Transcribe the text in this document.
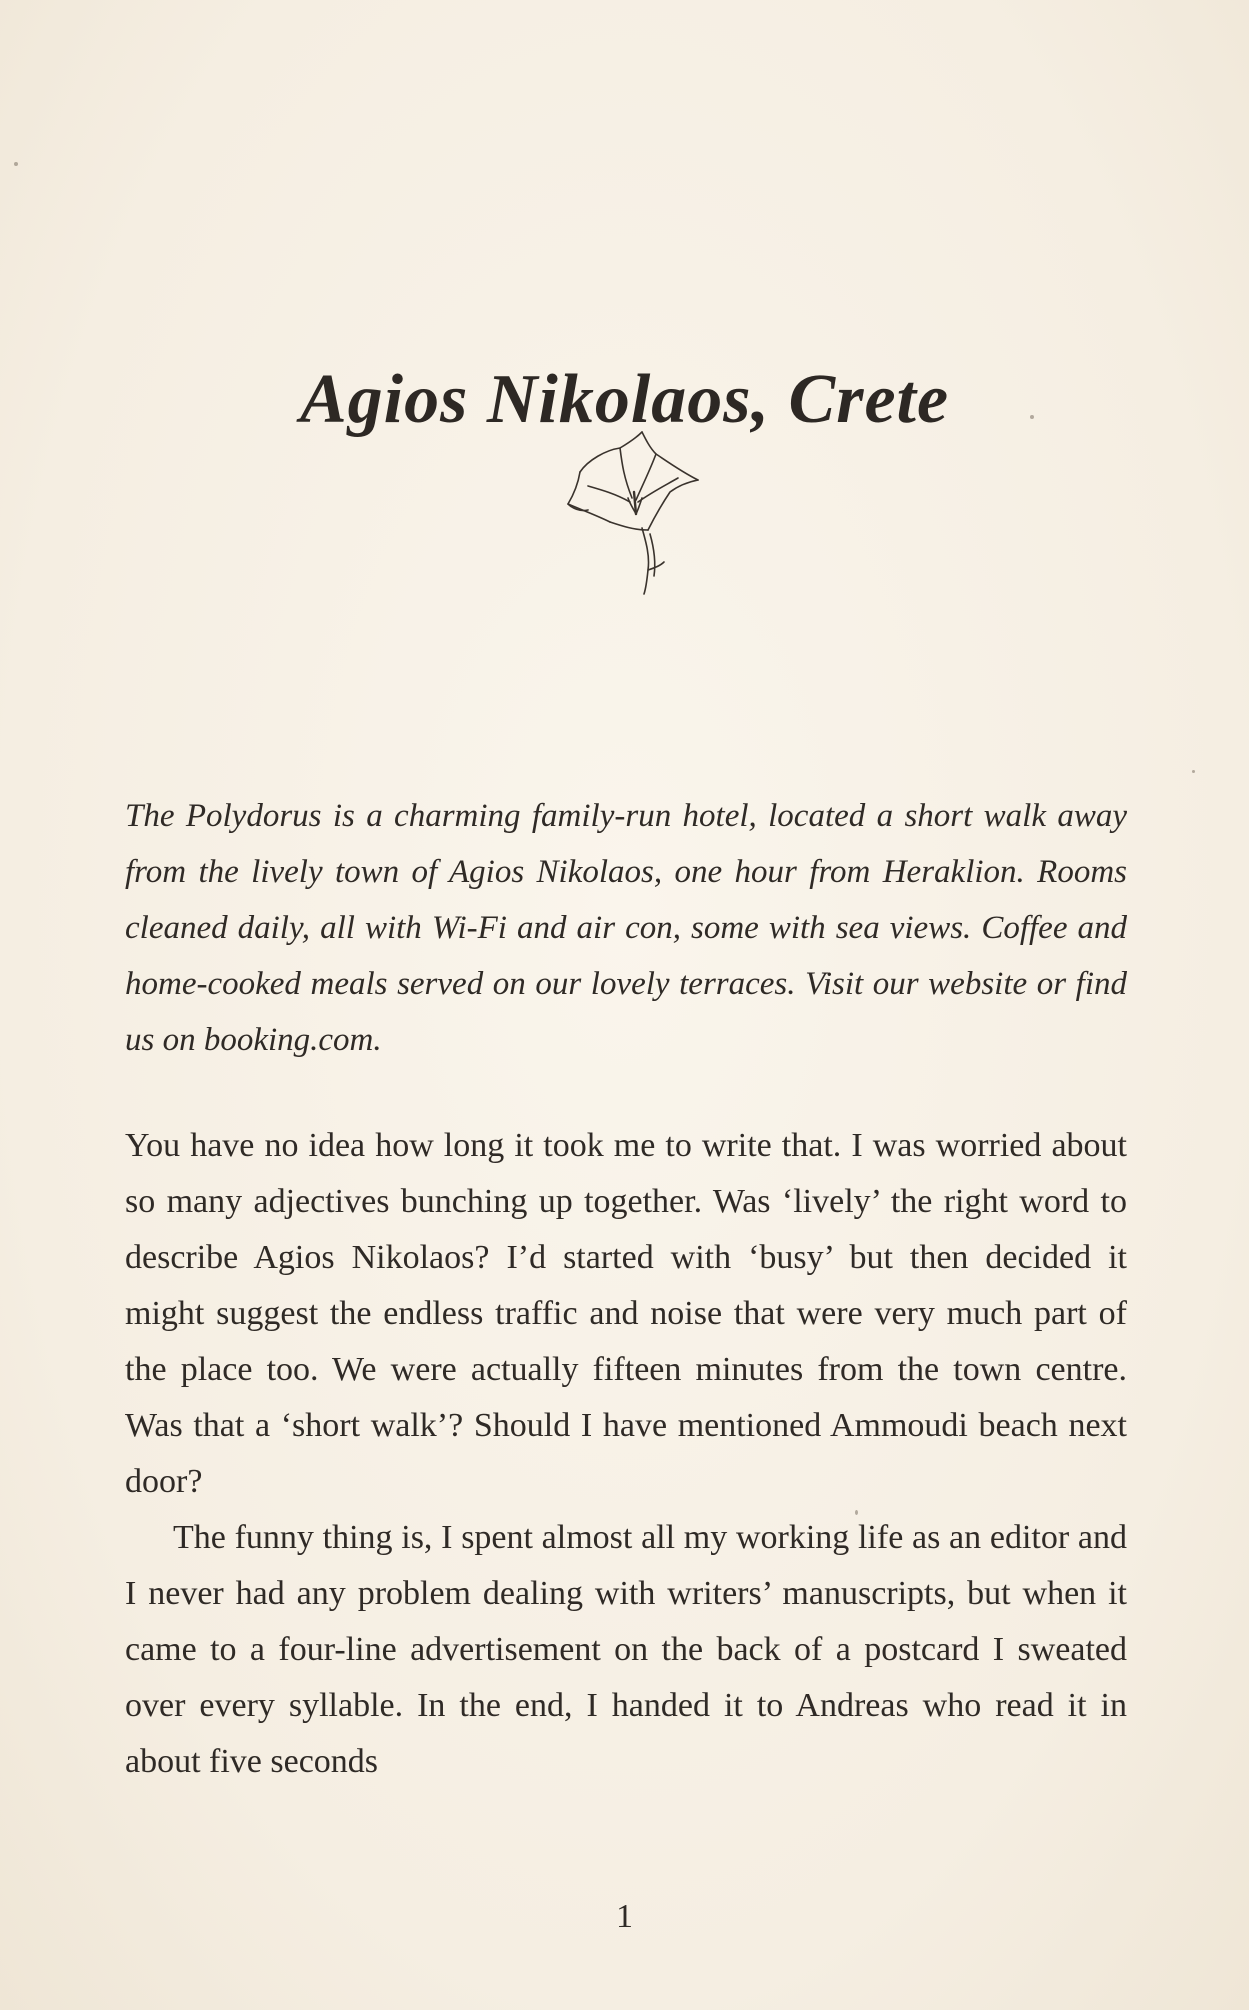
Agios Nikolaos, Crete

The Polydorus is a charming family-run hotel, located a short walk away from the lively town of Agios Nikolaos, one hour from Heraklion. Rooms cleaned daily, all with Wi-Fi and air con, some with sea views. Coffee and home-cooked meals served on our lovely terraces. Visit our website or find us on booking.com.

You have no idea how long it took me to write that. I was worried about so many adjectives bunching up together. Was ‘lively’ the right word to describe Agios Nikolaos? I’d started with ‘busy’ but then decided it might suggest the endless traffic and noise that were very much part of the place too. We were actually fifteen minutes from the town centre. Was that a ‘short walk’? Should I have mentioned Ammoudi beach next door?

The funny thing is, I spent almost all my working life as an editor and I never had any problem dealing with writers’ manuscripts, but when it came to a four-line advertisement on the back of a postcard I sweated over every syllable. In the end, I handed it to Andreas who read it in about five seconds

1
